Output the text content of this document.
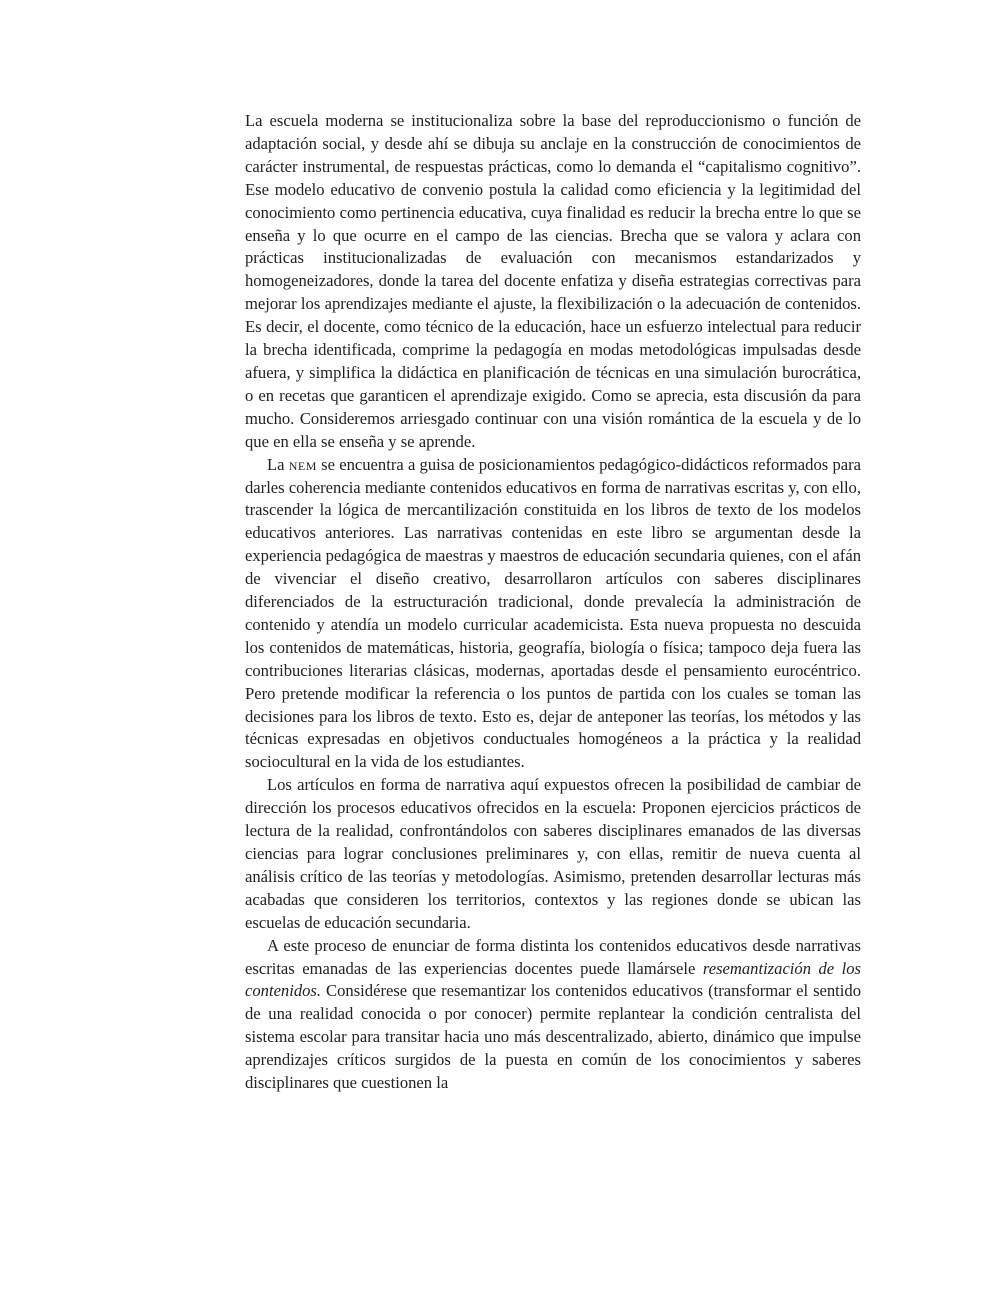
La escuela moderna se institucionaliza sobre la base del reproduccionismo o función de adaptación social, y desde ahí se dibuja su anclaje en la construcción de conocimientos de carácter instrumental, de respuestas prácticas, como lo demanda el “capitalismo cognitivo”. Ese modelo educativo de convenio postula la calidad como eficiencia y la legitimidad del conocimiento como pertinencia educativa, cuya finalidad es reducir la brecha entre lo que se enseña y lo que ocurre en el campo de las ciencias. Brecha que se valora y aclara con prácticas institucionalizadas de evaluación con mecanismos estandarizados y homogeneizadores, donde la tarea del docente enfatiza y diseña estrategias correctivas para mejorar los aprendizajes mediante el ajuste, la flexibilización o la adecuación de contenidos. Es decir, el docente, como técnico de la educación, hace un esfuerzo intelectual para reducir la brecha identificada, comprime la pedagogía en modas metodológicas impulsadas desde afuera, y simplifica la didáctica en planificación de técnicas en una simulación burocrática, o en recetas que garanticen el aprendizaje exigido. Como se aprecia, esta discusión da para mucho. Consideremos arriesgado continuar con una visión romántica de la escuela y de lo que en ella se enseña y se aprende.

La nem se encuentra a guisa de posicionamientos pedagógico-didácticos reformados para darles coherencia mediante contenidos educativos en forma de narrativas escritas y, con ello, trascender la lógica de mercantilización constituida en los libros de texto de los modelos educativos anteriores. Las narrativas contenidas en este libro se argumentan desde la experiencia pedagógica de maestras y maestros de educación secundaria quienes, con el afán de vivenciar el diseño creativo, desarrollaron artículos con saberes disciplinares diferenciados de la estructuración tradicional, donde prevalecía la administración de contenido y atendía un modelo curricular academicista. Esta nueva propuesta no descuida los contenidos de matemáticas, historia, geografía, biología o física; tampoco deja fuera las contribuciones literarias clásicas, modernas, aportadas desde el pensamiento eurocéntrico. Pero pretende modificar la referencia o los puntos de partida con los cuales se toman las decisiones para los libros de texto. Esto es, dejar de anteponer las teorías, los métodos y las técnicas expresadas en objetivos conductuales homogéneos a la práctica y la realidad sociocultural en la vida de los estudiantes.

Los artículos en forma de narrativa aquí expuestos ofrecen la posibilidad de cambiar de dirección los procesos educativos ofrecidos en la escuela: Proponen ejercicios prácticos de lectura de la realidad, confrontándolos con saberes disciplinares emanados de las diversas ciencias para lograr conclusiones preliminares y, con ellas, remitir de nueva cuenta al análisis crítico de las teorías y metodologías. Asimismo, pretenden desarrollar lecturas más acabadas que consideren los territorios, contextos y las regiones donde se ubican las escuelas de educación secundaria.

A este proceso de enunciar de forma distinta los contenidos educativos desde narrativas escritas emanadas de las experiencias docentes puede llamársele resemantización de los contenidos. Considérese que resemantizar los contenidos educativos (transformar el sentido de una realidad conocida o por conocer) permite replantear la condición centralista del sistema escolar para transitar hacia uno más descentralizado, abierto, dinámico que impulse aprendizajes críticos surgidos de la puesta en común de los conocimientos y saberes disciplinares que cuestionen la
